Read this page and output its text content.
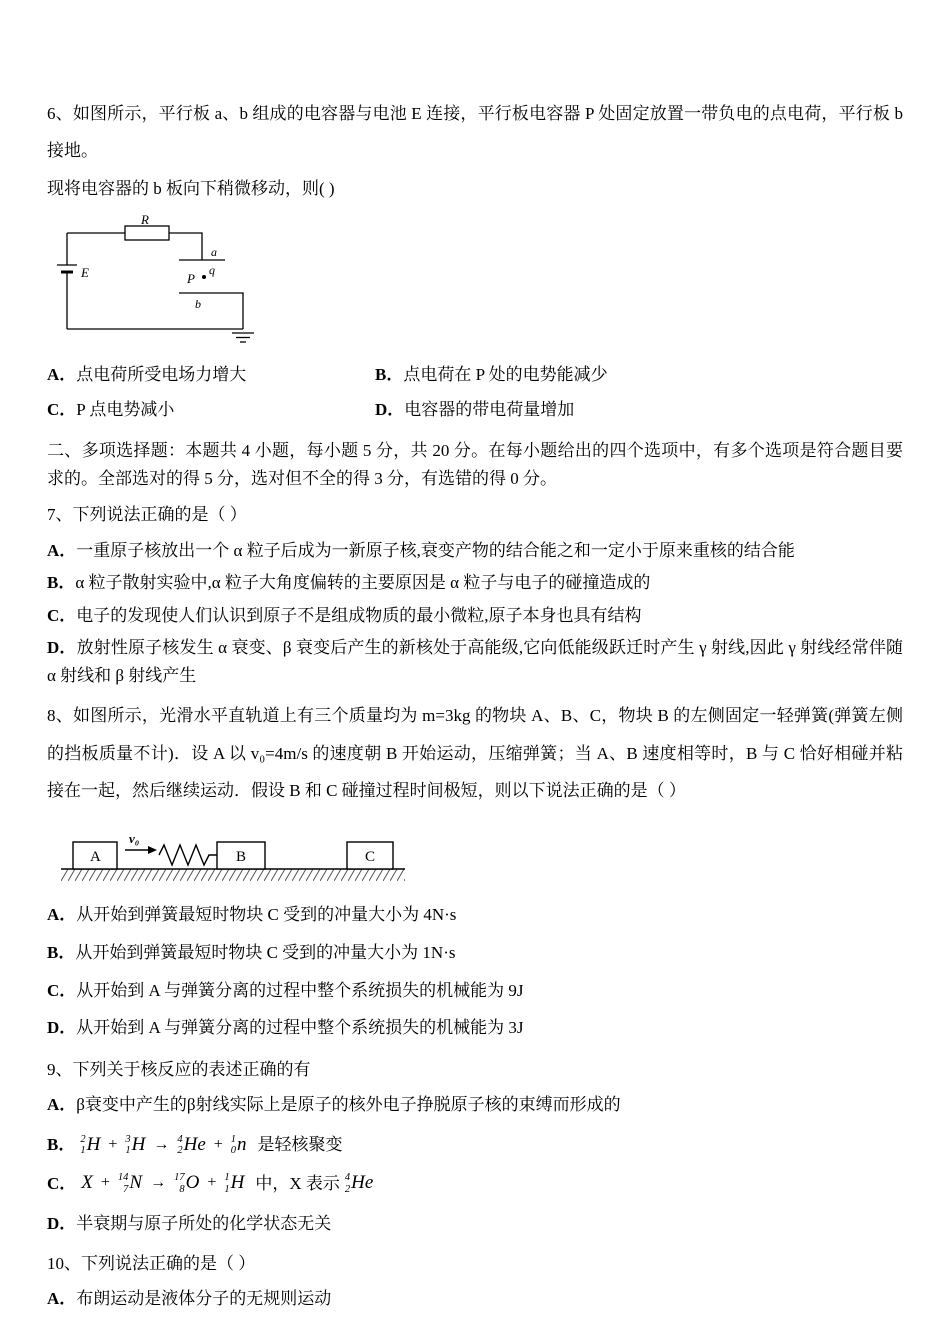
6、如图所示，平行板 a、b 组成的电容器与电池 E 连接，平行板电容器 P 处固定放置一带负电的点电荷，平行板 b 接地。
现将电容器的 b 板向下稍微移动，则( )

R
E
a
P
q
b
A．点电荷所受电场力增大	B．点电荷在 P 处的电势能减少
C．P 点电势减小	D．电容器的带电荷量增加

二、多项选择题：本题共 4 小题，每小题 5 分，共 20 分。在每小题给出的四个选项中，有多个选项是符合题目要求的。全部选对的得 5 分，选对但不全的得 3 分，有选错的得 0 分。

7、下列说法正确的是（ ）

A．一重原子核放出一个 α 粒子后成为一新原子核,衰变产物的结合能之和一定小于原来重核的结合能

B．α 粒子散射实验中,α 粒子大角度偏转的主要原因是 α 粒子与电子的碰撞造成的

C．电子的发现使人们认识到原子不是组成物质的最小微粒,原子本身也具有结构

D．放射性原子核发生 α 衰变、β 衰变后产生的新核处于高能级,它向低能级跃迁时产生 γ 射线,因此 γ 射线经常伴随 α 射线和 β 射线产生

8、如图所示，光滑水平直轨道上有三个质量均为 m=3kg 的物块 A、B、C，物块 B 的左侧固定一轻弹簧(弹簧左侧的挡板质量不计)．设 A 以 v₀=4m/s 的速度朝 B 开始运动，压缩弹簧；当 A、B 速度相等时，B 与 C 恰好相碰并粘接在一起，然后继续运动．假设 B 和 C 碰撞过程时间极短，则以下说法正确的是（ ）

A	B	C
v₀

A．从开始到弹簧最短时物块 C 受到的冲量大小为 4N·s

B．从开始到弹簧最短时物块 C 受到的冲量大小为 1N·s

C．从开始到 A 与弹簧分离的过程中整个系统损失的机械能为 9J

D．从开始到 A 与弹簧分离的过程中整个系统损失的机械能为 3J

9、下列关于核反应的表述正确的有

A．β衰变中产生的β射线实际上是原子的核外电子挣脱原子核的束缚而形成的

B． 2
1 H + 3
1 H → 4
2 He + 1
0 n 是轻核聚变
C． X + 14
7 N → 17
8 O + 1
1 H 中，X 表示 4
2 He

D．半衰期与原子所处的化学状态无关

10、下列说法正确的是（ ）

A．布朗运动是液体分子的无规则运动
